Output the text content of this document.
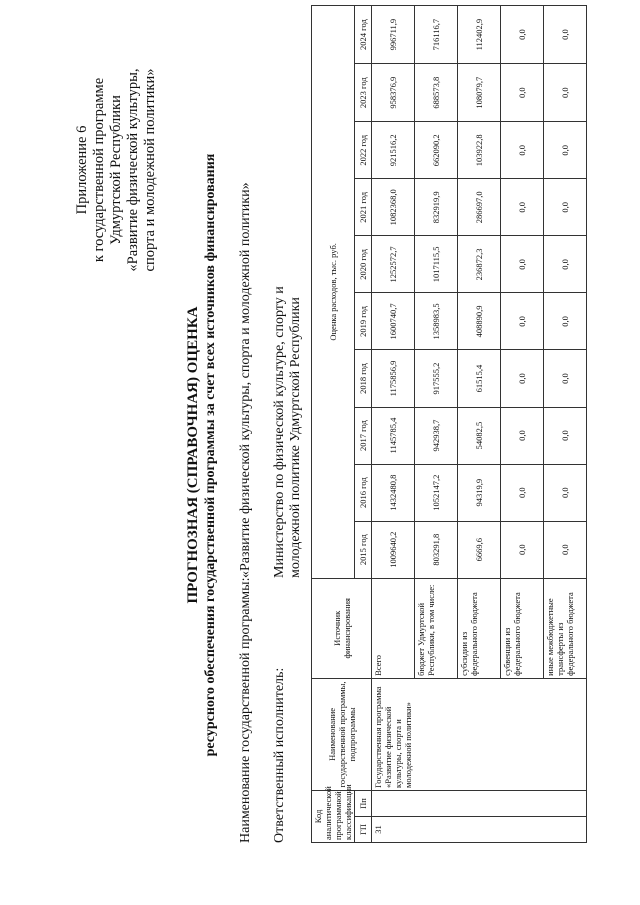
Приложение 6 к государственной программе Удмуртской Республики «Развитие физической культуры, спорта и молодежной политики»
ПРОГНОЗНАЯ (СПРАВОЧНАЯ) ОЦЕНКА ресурсного обеспечения государственной программы за счет всех источников финансирования Наименование государственной программы:
«Развитие физической культуры, спорта и молодежной политики»
Ответственный исполнитель:
Министерство по физической культуре, спорту и молодежной политике Удмуртской Республики
Код аналитической программной классификации		Наименование государственной программы, подпрограммы	Источник финансирования	Оценка расходов, тыс. руб.									
ГП	Пп			2015 год	2016 год	2017 год	2018 год	2019 год	2020 год	2021 год	2022 год	2023 год	2024 год

31		Государственная программа «Развитие физической культуры, спорта и молодежной политики»	Всего	1009640,2	1432480,8	1145785,4	1175856,9	1600740,7	1252572,7	1082368,0	921516,2	958376,9	996711,9
			бюджет Удмуртской Республики, в том числе:	803291,8	1052147,2	942938,7	917555,2	1358983,5	1017115,5	832919,9	662090,2	688573,8	716116,7
			субсидии из федерального бюджета	6669,6	94319,9	54082,5	61515,4	408890,9	236872,3	286697,0	103922,8	108079,7	112402,9
			субвенции из федерального бюджета	0,0	0,0	0,0	0,0	0,0	0,0	0,0	0,0	0,0	0,0
			иные межбюджетные трансферты из федерального бюджета	0,0	0,0	0,0	0,0	0,0	0,0	0,0	0,0	0,0	0,0
